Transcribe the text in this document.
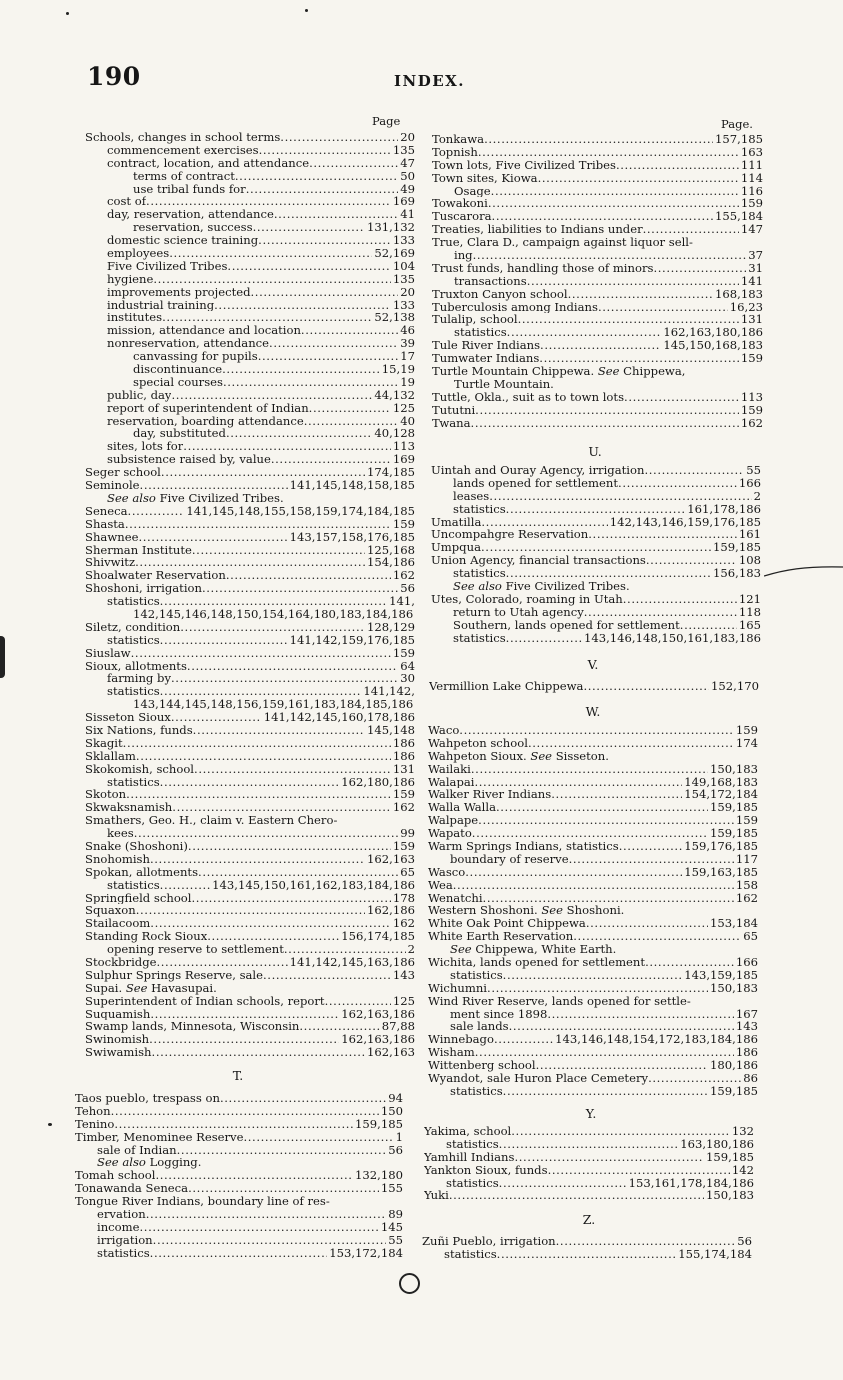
190	INDEX.
Page
Schools, changes in school terms .....	20
commencement exercises .....	135
contract, location, and attendance .....	47
terms of contract .....	50
use tribal funds for .....	49
cost of .....	169
day, reservation, attendance .....	41
reservation, success .....	131,132
domestic science training .....	133
employees .....	52,169
Five Civilized Tribes .....	104
hygiene .....	135
improvements projected .....	20
industrial training .....	133
institutes .....	52,138
mission, attendance and location .....	46
nonreservation, attendance .....	39
canvassing for pupils .....	17
discontinuance .....	15,19
special courses .....	19
public, day .....	44,132
report of superintendent of Indian .....	125
reservation, boarding attendance .....	40
day, substituted .....	40,128
sites, lots for .....	113
subsistence raised by, value .....	169
Seger school .....	174,185
Seminole .....	141,145,148,158,185
See also Five Civilized Tribes.
Seneca .....	141,145,148,155,158,159,174,184,185
Shasta .....	159
Shawnee .....	143,157,158,176,185
Sherman Institute .....	125,168
Shivwitz .....	154,186
Shoalwater Reservation .....	162
Shoshoni, irrigation .....	56
statistics .....	141,
142,145,146,148,150,154,164,180,183,184,186
Siletz, condition .....	128,129
statistics .....	141,142,159,176,185
Siuslaw .....	159
Sioux, allotments .....	64
farming by .....	30
statistics .....	141,142,
143,144,145,148,156,159,161,183,184,185,186
Sisseton Sioux .....	141,142,145,160,178,186
Six Nations, funds .....	145,148
Skagit .....	186
Sklallam .....	186
Skokomish, school .....	131
statistics .....	162,180,186
Skoton .....	159
Skwaksnamish .....	162
Smathers, Geo. H., claim v. Eastern Chero-
kees .....	99
Snake (Shoshoni) .....	159
Snohomish .....	162,163
Spokan, allotments .....	65
statistics .....	143,145,150,161,162,183,184,186
Springfield school .....	178
Squaxon .....	162,186
Stailacoom .....	162
Standing Rock Sioux .....	156,174,185
opening reserve to settlement .....	2
Stockbridge .....	141,142,145,163,186
Sulphur Springs Reserve, sale .....	143
Supai. See Havasupai.
Superintendent of Indian schools, report .....	125
Suquamish .....	162,163,186
Swamp lands, Minnesota, Wisconsin .....	87,88
Swinomish .....	162,163,186
Swiwamish .....	162,163
T.
Taos pueblo, trespass on .....	94
Tehon .....	150
Tenino .....	159,185
Timber, Menominee Reserve .....	1
sale of Indian .....	56
See also Logging.
Tomah school .....	132,180
Tonawanda Seneca .....	155
Tongue River Indians, boundary line of res-
ervation .....	89
income .....	145
irrigation .....	55
statistics .....	153,172,184
Page.
Tonkawa .....	157,185
Topnish .....	163
Town lots, Five Civilized Tribes .....	111
Town sites, Kiowa .....	114
Osage .....	116
Towakoni .....	159
Tuscarora .....	155,184
Treaties, liabilities to Indians under .....	147
True, Clara D., campaign against liquor sell-
ing .....	37
Trust funds, handling those of minors .....	31
transactions .....	141
Truxton Canyon school .....	168,183
Tuberculosis among Indians .....	16,23
Tulalip, school .....	131
statistics .....	162,163,180,186
Tule River Indians .....	145,150,168,183
Tumwater Indians .....	159
Turtle Mountain Chippewa. See Chippewa,
Turtle Mountain.
Tuttle, Okla., suit as to town lots .....	113
Tututni .....	159
Twana .....	162
U.
Uintah and Ouray Agency, irrigation .....	55
lands opened for settlement .....	166
leases .....	2
statistics .....	161,178,186
Umatilla .....	142,143,146,159,176,185
Uncompahgre Reservation .....	161
Umpqua .....	159,185
Union Agency, financial transactions .....	108
statistics .....	156,183
See also Five Civilized Tribes.
Utes, Colorado, roaming in Utah .....	121
return to Utah agency .....	118
Southern, lands opened for settlement .....	165
statistics .....	143,146,148,150,161,183,186
V.
Vermillion Lake Chippewa .....	152,170
W.
Waco .....	159
Wahpeton school .....	174
Wahpeton Sioux. See Sisseton.
Wailaki .....	150,183
Walapai .....	149,168,183
Walker River Indians .....	154,172,184
Walla Walla .....	159,185
Walpape .....	159
Wapato .....	159,185
Warm Springs Indians, statistics .....	159,176,185
boundary of reserve .....	117
Wasco .....	159,163,185
Wea .....	158
Wenatchi .....	162
Western Shoshoni. See Shoshoni.
White Oak Point Chippewa .....	153,184
White Earth Reservation .....	65
See Chippewa, White Earth.
Wichita, lands opened for settlement .....	166
statistics .....	143,159,185
Wichumni .....	150,183
Wind River Reserve, lands opened for settle-
ment since 1898 .....	167
sale lands .....	143
Winnebago .....	143,146,148,154,172,183,184,186
Wisham .....	186
Wittenberg school .....	180,186
Wyandot, sale Huron Place Cemetery .....	86
statistics .....	159,185
Y.
Yakima, school .....	132
statistics .....	163,180,186
Yamhill Indians .....	159,185
Yankton Sioux, funds .....	142
statistics .....	153,161,178,184,186
Yuki .....	150,183
Z.
Zuñi Pueblo, irrigation .....	56
statistics .....	155,174,184
